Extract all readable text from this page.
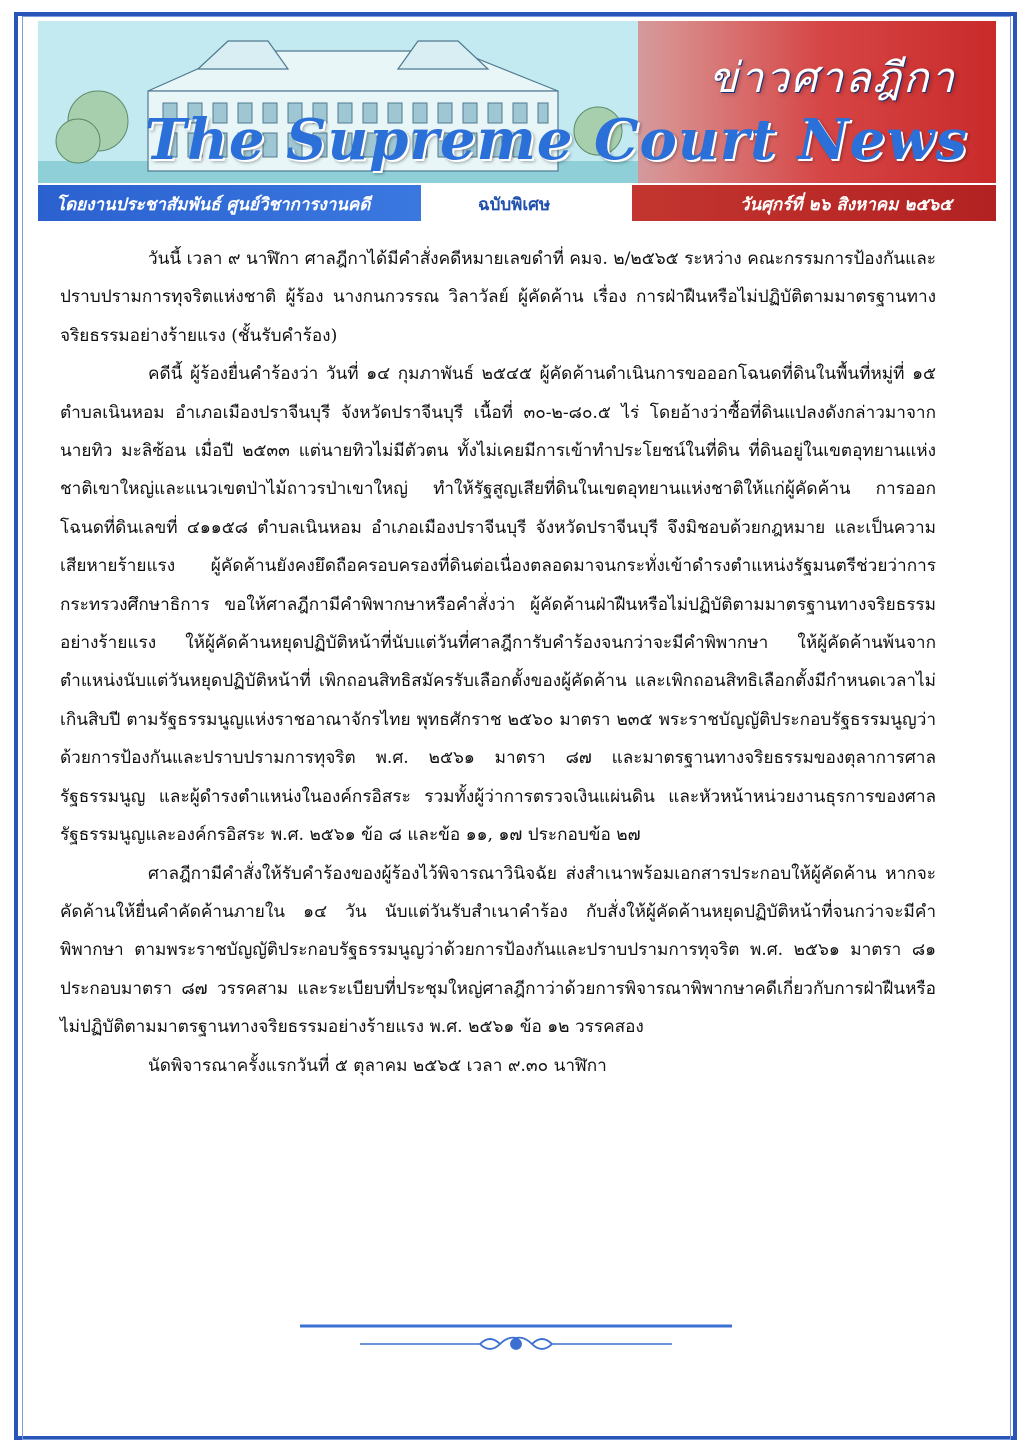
ข่าวศาลฎีกา
The Supreme Court News
โดยงานประชาสัมพันธ์ ศูนย์วิชาการงานคดี	ฉบับพิเศษ	วันศุกร์ที่ ๒๖ สิงหาคม ๒๕๖๕

วันนี้ เวลา ๙ นาฬิกา ศาลฎีกาได้มีคำสั่งคดีหมายเลขดำที่ คมจ. ๒/๒๕๖๕ ระหว่าง คณะกรรมการป้องกันและปราบปรามการทุจริตแห่งชาติ ผู้ร้อง นางกนกวรรณ วิลาวัลย์ ผู้คัดค้าน เรื่อง การฝ่าฝืนหรือไม่ปฏิบัติตามมาตรฐานทางจริยธรรมอย่างร้ายแรง (ชั้นรับคำร้อง)

คดีนี้ ผู้ร้องยื่นคำร้องว่า วันที่ ๑๔ กุมภาพันธ์ ๒๕๔๕ ผู้คัดค้านดำเนินการขอออกโฉนดที่ดินในพื้นที่หมู่ที่ ๑๕ ตำบลเนินหอม อำเภอเมืองปราจีนบุรี จังหวัดปราจีนบุรี เนื้อที่ ๓๐-๒-๘๐.๕ ไร่ โดยอ้างว่าซื้อที่ดินแปลงดังกล่าวมาจากนายทิว มะลิซ้อน เมื่อปี ๒๕๓๓ แต่นายทิวไม่มีตัวตน ทั้งไม่เคยมีการเข้าทำประโยชน์ในที่ดิน ที่ดินอยู่ในเขตอุทยานแห่งชาติเขาใหญ่และแนวเขตป่าไม้ถาวรป่าเขาใหญ่ ทำให้รัฐสูญเสียที่ดินในเขตอุทยานแห่งชาติให้แก่ผู้คัดค้าน การออกโฉนดที่ดินเลขที่ ๔๑๑๕๘ ตำบลเนินหอม อำเภอเมืองปราจีนบุรี จังหวัดปราจีนบุรี จึงมิชอบด้วยกฎหมาย และเป็นความเสียหายร้ายแรง ผู้คัดค้านยังคงยึดถือครอบครองที่ดินต่อเนื่องตลอดมาจนกระทั่งเข้าดำรงตำแหน่งรัฐมนตรีช่วยว่าการกระทรวงศึกษาธิการ ขอให้ศาลฎีกามีคำพิพากษาหรือคำสั่งว่า ผู้คัดค้านฝ่าฝืนหรือไม่ปฏิบัติตามมาตรฐานทางจริยธรรมอย่างร้ายแรง ให้ผู้คัดค้านหยุดปฏิบัติหน้าที่นับแต่วันที่ศาลฎีการับคำร้องจนกว่าจะมีคำพิพากษา ให้ผู้คัดค้านพ้นจากตำแหน่งนับแต่วันหยุดปฏิบัติหน้าที่ เพิกถอนสิทธิสมัครรับเลือกตั้งของผู้คัดค้าน และเพิกถอนสิทธิเลือกตั้งมีกำหนดเวลาไม่เกินสิบปี ตามรัฐธรรมนูญแห่งราชอาณาจักรไทย พุทธศักราช ๒๕๖๐ มาตรา ๒๓๕ พระราชบัญญัติประกอบรัฐธรรมนูญว่าด้วยการป้องกันและปราบปรามการทุจริต พ.ศ. ๒๕๖๑ มาตรา ๘๗ และมาตรฐานทางจริยธรรมของตุลาการศาลรัฐธรรมนูญ และผู้ดำรงตำแหน่งในองค์กรอิสระ รวมทั้งผู้ว่าการตรวจเงินแผ่นดิน และหัวหน้าหน่วยงานธุรการของศาลรัฐธรรมนูญและองค์กรอิสระ พ.ศ. ๒๕๖๑ ข้อ ๘ และข้อ ๑๑, ๑๗ ประกอบข้อ ๒๗

ศาลฎีกามีคำสั่งให้รับคำร้องของผู้ร้องไว้พิจารณาวินิจฉัย ส่งสำเนาพร้อมเอกสารประกอบให้ผู้คัดค้าน หากจะคัดค้านให้ยื่นคำคัดค้านภายใน ๑๔ วัน นับแต่วันรับสำเนาคำร้อง กับสั่งให้ผู้คัดค้านหยุดปฏิบัติหน้าที่จนกว่าจะมีคำพิพากษา ตามพระราชบัญญัติประกอบรัฐธรรมนูญว่าด้วยการป้องกันและปราบปรามการทุจริต พ.ศ. ๒๕๖๑ มาตรา ๘๑ ประกอบมาตรา ๘๗ วรรคสาม และระเบียบที่ประชุมใหญ่ศาลฎีกาว่าด้วยการพิจารณาพิพากษาคดีเกี่ยวกับการฝ่าฝืนหรือไม่ปฏิบัติตามมาตรฐานทางจริยธรรมอย่างร้ายแรง พ.ศ. ๒๕๖๑ ข้อ ๑๒ วรรคสอง

นัดพิจารณาครั้งแรกวันที่ ๕ ตุลาคม ๒๕๖๕ เวลา ๙.๓๐ นาฬิกา
